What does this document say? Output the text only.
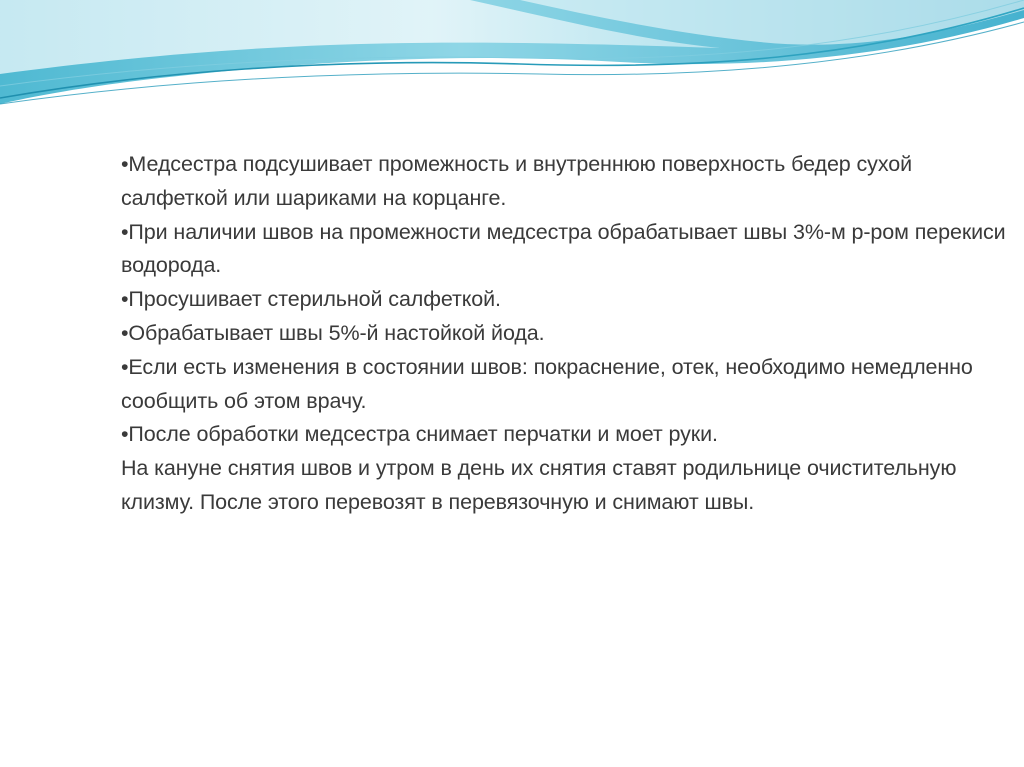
•Медсестра подсушивает промежность и внутреннюю поверхность бедер сухой салфеткой или шариками на корцанге.

•При наличии швов на промежности медсестра обрабатывает швы 3%-м р-ром перекиси водорода.

•Просушивает стерильной салфеткой.

•Обрабатывает швы 5%-й настойкой йода.

•Если есть изменения в состоянии швов: покраснение, отек, необходимо немедленно сообщить об этом врачу.

•После обработки медсестра снимает перчатки и моет руки.

На кануне снятия швов и утром в день их снятия ставят родильнице очистительную клизму. После этого перевозят в перевязочную и снимают швы.
